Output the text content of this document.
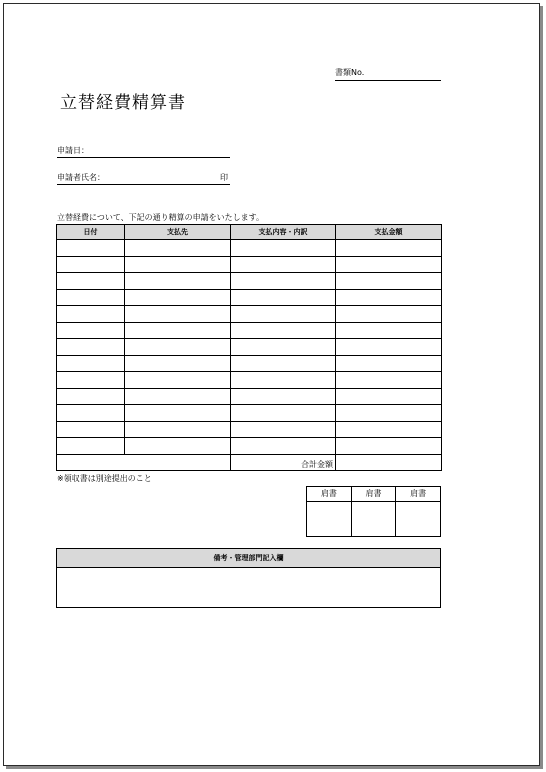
書類No.
立替経費精算書
申請日：
申請者氏名：	印
立替経費について、下記の通り精算の申請をいたします。
日付	支払先	支払内容・内訳	支払金額

		合計金額	
※領収書は別途提出のこと
肩書	肩書	肩書

備考・管理部門記入欄
